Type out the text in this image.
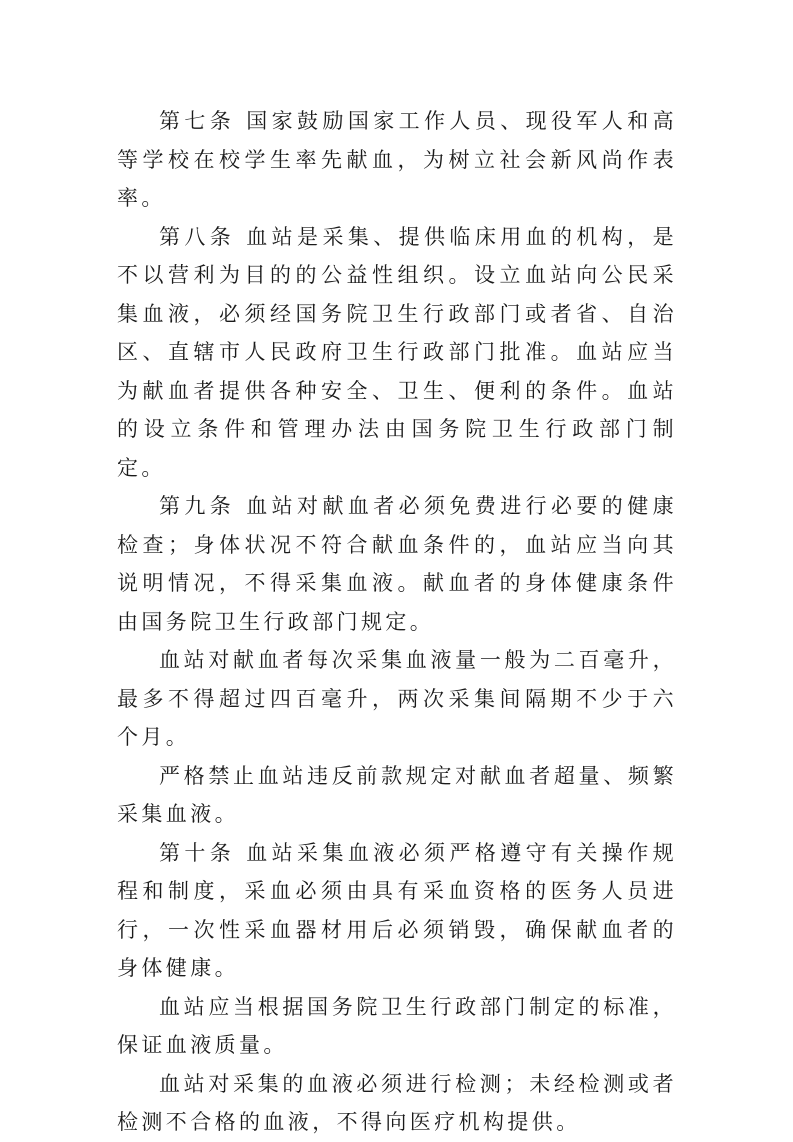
第七条 国家鼓励国家工作人员、现役军人和高等学校在校学生率先献血，为树立社会新风尚作表率。

第八条 血站是采集、提供临床用血的机构，是不以营利为目的的公益性组织。设立血站向公民采集血液，必须经国务院卫生行政部门或者省、自治区、直辖市人民政府卫生行政部门批准。血站应当为献血者提供各种安全、卫生、便利的条件。血站的设立条件和管理办法由国务院卫生行政部门制定。

第九条 血站对献血者必须免费进行必要的健康检查；身体状况不符合献血条件的，血站应当向其说明情况，不得采集血液。献血者的身体健康条件由国务院卫生行政部门规定。

血站对献血者每次采集血液量一般为二百毫升，最多不得超过四百毫升，两次采集间隔期不少于六个月。

严格禁止血站违反前款规定对献血者超量、频繁采集血液。

第十条 血站采集血液必须严格遵守有关操作规程和制度，采血必须由具有采血资格的医务人员进行，一次性采血器材用后必须销毁，确保献血者的身体健康。

血站应当根据国务院卫生行政部门制定的标准，保证血液质量。

血站对采集的血液必须进行检测；未经检测或者检测不合格的血液，不得向医疗机构提供。
